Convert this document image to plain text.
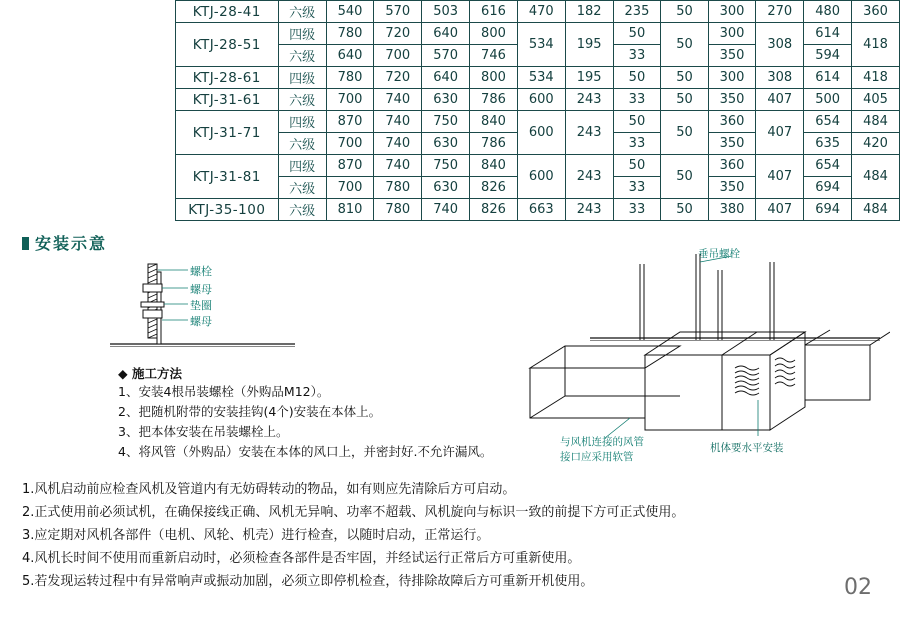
KTJ-28-41	六级	540	570	503	616	470	182	235	50	300	270	480	360
KTJ-28-51	四级	780	720	640	800	534	195	50	50	300	308	614	418
	六级	640	700	570	746			33		350		594	
KTJ-28-61	四级	780	720	640	800	534	195	50	50	300	308	614	418
KTJ-31-61	六级	700	740	630	786	600	243	33	50	350	407	500	405
KTJ-31-71	四级	870	740	750	840	600	243	50	50	360	407	654	484
	六级	700	740	630	786			33		350		635	420
KTJ-31-81	四级	870	740	750	840	600	243	50	50	360	407	654	484
	六级	700	780	630	826			33		350		694	
KTJ-35-100	六级	810	780	740	826	663	243	33	50	380	407	694	484
安装示意
螺栓
螺母
垫圈
螺母
◆ 施工方法
1、安装4根吊装螺栓（外购品M12）。
2、把随机附带的安装挂钩(4个)安装在本体上。
3、把本体安装在吊装螺栓上。
4、将风管（外购品）安装在本体的风口上，并密封好.不允许漏风。
垂吊螺栓
与风机连接的风管
接口应采用软管
机体要水平安装
1.风机启动前应检查风机及管道内有无妨碍转动的物品，如有则应先清除后方可启动。
2.正式使用前必须试机，在确保接线正确、风机无异响、功率不超载、风机旋向与标识一致的前提下方可正式使用。
3.应定期对风机各部件（电机、风轮、机壳）进行检查，以随时启动，正常运行。
4.风机长时间不使用而重新启动时，必须检查各部件是否牢固，并经试运行正常后方可重新使用。
5.若发现运转过程中有异常响声或振动加剧，必须立即停机检查，待排除故障后方可重新开机使用。	02
